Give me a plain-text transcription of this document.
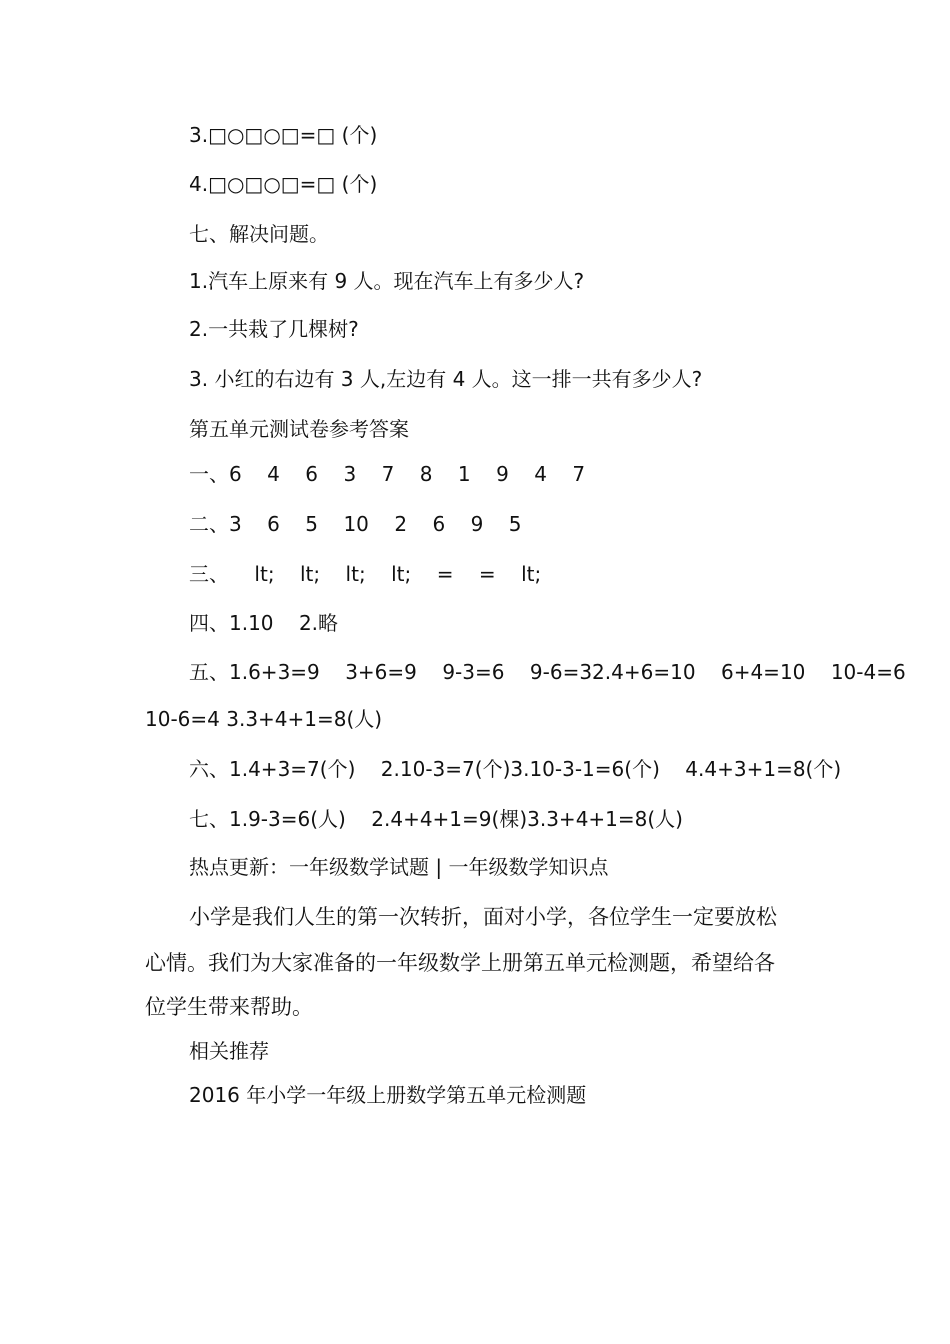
3.□○□○□=□ (个)
4.□○□○□=□ (个)
七、解决问题。
1.汽车上原来有 9 人。现在汽车上有多少人?
2.一共栽了几棵树?
3. 小红的右边有 3 人,左边有 4 人。这一排一共有多少人?
第五单元测试卷参考答案
一、6    4    6    3    7    8    1    9    4    7
二、3    6    5    10    2    6    9    5
三、    lt;    lt;    lt;    lt;    =    =    lt;
四、1.10    2.略
五、1.6+3=9    3+6=9    9-3=6    9-6=32.4+6=10    6+4=10    10-4=6
10-6=4 3.3+4+1=8(人)
六、1.4+3=7(个)    2.10-3=7(个)3.10-3-1=6(个)    4.4+3+1=8(个)
七、1.9-3=6(人)    2.4+4+1=9(棵)3.3+4+1=8(人)
热点更新：一年级数学试题 | 一年级数学知识点
小学是我们人生的第一次转折，面对小学，各位学生一定要放松
心情。我们为大家准备的一年级数学上册第五单元检测题，希望给各
位学生带来帮助。
相关推荐
2016 年小学一年级上册数学第五单元检测题
